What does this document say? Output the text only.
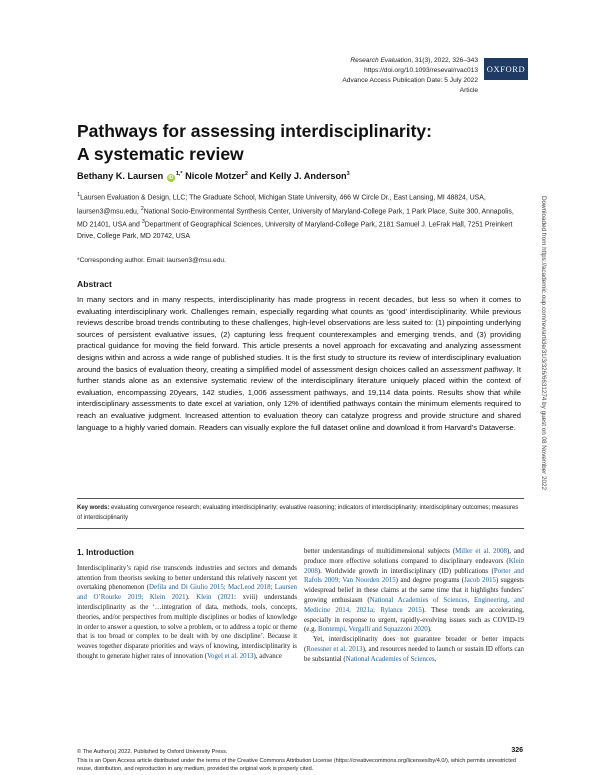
Research Evaluation, 31(3), 2022, 326–343
https://doi.org/10.1093/reseval/rvac013
Advance Access Publication Date: 5 July 2022
Article
OXFORD
Pathways for assessing interdisciplinarity:
A systematic review
Bethany K. Laursen $iD^{1,*}$ Nicole Motzer$^2$ and Kelly J. Anderson$^3$
$^1$Laursen Evaluation & Design, LLC; The Graduate School, Michigan State University, 466 W Circle Dr., East Lansing, MI 48824, USA, laursen3@msu.edu, $^2$National Socio-Environmental Synthesis Center, University of Maryland-College Park, 1 Park Place, Suite 300, Annapolis, MD 21401, USA and $^3$Department of Geographical Sciences, University of Maryland-College Park, 2181 Samuel J. LeFrak Hall, 7251 Preinkert Drive, College Park, MD 20742, USA
*Corresponding author. Email: laursen3@msu.edu.
Abstract
In many sectors and in many respects, interdisciplinarity has made progress in recent decades, but less so when it comes to evaluating interdisciplinary work. Challenges remain, especially regarding what counts as ‘good’ interdisciplinarity. While previous reviews describe broad trends contributing to these challenges, high-level observations are less suited to: (1) pinpointing underlying sources of persistent evaluative issues, (2) capturing less frequent counterexamples and emerging trends, and (3) providing practical guidance for moving the field forward. This article presents a novel approach for excavating and analyzing assessment designs within and across a wide range of published studies. It is the first study to structure its review of interdisciplinary evaluation around the basics of evaluation theory, creating a simplified model of assessment design choices called an assessment pathway. It further stands alone as an extensive systematic review of the interdisciplinary literature uniquely placed within the context of evaluation, encompassing 20years, 142 studies, 1,006 assessment pathways, and 19,114 data points. Results show that while interdisciplinary assessments to date excel at variation, only 12% of identified pathways contain the minimum elements required to reach an evaluative judgment. Increased attention to evaluation theory can catalyze progress and provide structure and shared language to a highly varied domain. Readers can visually explore the full dataset online and download it from Harvard’s Dataverse.
Key words: evaluating convergence research; evaluating interdisciplinarity; evaluative reasoning; indicators of interdisciplinarity; interdisciplinary outcomes; measures of interdisciplinarity
1. Introduction

Interdisciplinarity’s rapid rise transcends industries and sectors and demands attention from theorists seeking to better understand this relatively nascent yet overtaking phenomenon (Defila and Di Giulio 2015; MacLeod 2018; Laursen and O’Rourke 2019; Klein 2021). Klein (2021: xviii) understands interdisciplinarity as the ‘…integration of data, methods, tools, concepts, theories, and/or perspectives from multiple disciplines or bodies of knowledge in order to answer a question, to solve a problem, or to address a topic or theme that is too broad or complex to be dealt with by one discipline’. Because it weaves together disparate priorities and ways of knowing, interdisciplinarity is thought to generate higher rates of innovation (Vogel et al. 2013), advance

better understandings of multidimensional subjects (Miller et al. 2008), and produce more effective solutions compared to disciplinary endeavors (Klein 2008). Worldwide growth in interdisciplinary (ID) publications (Porter and Rafols 2009; Van Noorden 2015) and degree programs (Jacob 2015) suggests widespread belief in these claims at the same time that it highlights funders’ growing enthusiasm (National Academies of Sciences, Engineering, and Medicine 2014, 2021a; Rylance 2015). These trends are accelerating, especially in response to urgent, rapidly-evolving issues such as COVID-19 (e.g. Bontempi, Vergalli and Squazzoni 2020).

Yet, interdisciplinarity does not guarantee broader or better impacts (Roessner et al. 2013), and resources needed to launch or sustain ID efforts can be substantial (National Academies of Sciences,

© The Author(s) 2022. Published by Oxford University Press.	326
This is an Open Access article distributed under the terms of the Creative Commons Attribution License (https://creativecommons.org/licenses/by/4.0/), which permits unrestricted reuse, distribution, and reproduction in any medium, provided the original work is properly cited.
Downloaded from https://academic.oup.com/rev/article/31/3/326/6631274 by guest on 08 November 2022
